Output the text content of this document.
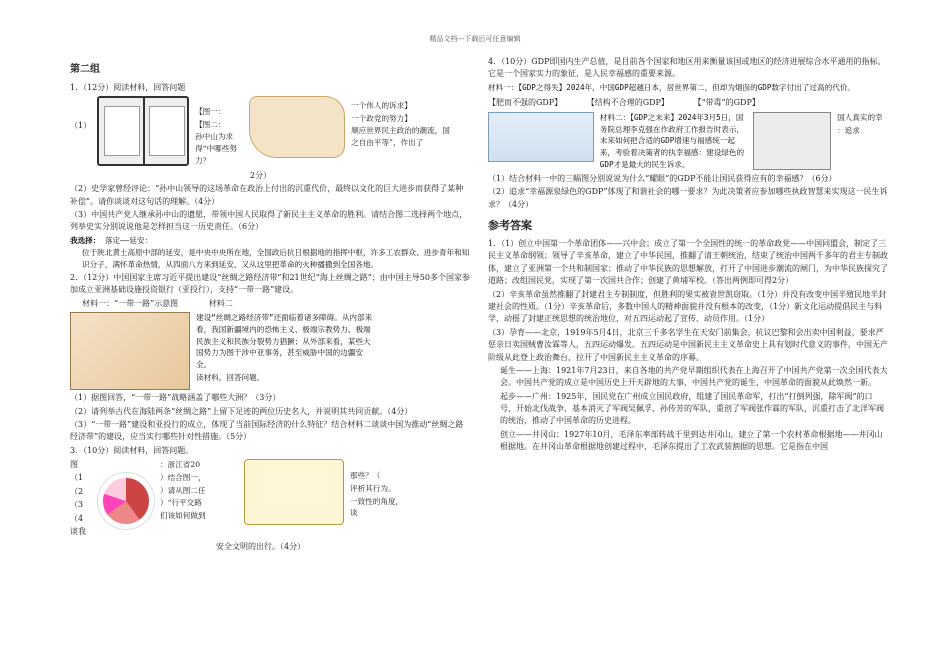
精品文档---下载后可任意编辑
第二组

1．（12分）阅读材料，回答问题

（1）

【图一：

【图二：

孙中山为求得“中哪些努力？

一个伟人的诉求】

一个政党的努力】

顺应世界民主政治的潮流，国之自由平等”，作出了

2分）

（2）史学家曾经评论：“孙中山领导的这场革命在政治上付出的沉重代价，最终以文化的巨大进步而获得了某种补偿”。请你谈谈对这句话的理解。（4分）

（3）中国共产党人继承孙中山的遗愿，带领中国人民取得了新民主主义革命的胜利。请结合图二选择两个地点，列举史实分别说说他是怎样担当这一历史责任。（6分）

我选择： 落定——延安：

位于陕北黄土高原中部的延安，是中央中央所在地，全国政后抗日根据地的指挥中枢，许多工农群众、进步青年和知识分子，满怀革命热情，从四面八方来到延安，又从这里把革命的火种播撒到全国各地。

2．（12分）中国国家主席习近平提出建设“丝绸之路经济带”和21世纪“海上丝绸之路”；由中国主导50多个国家参加成立亚洲基础设施投资银行（亚投行），支持“一带一路”建设。

材料一：“一带一路”示意图	材料二

建设“丝绸之路经济带”还面临着诸多障碍。从内部来看，我国新疆境内的恐怖主义、极端宗教势力、极端民族主义和民族分裂势力猖獗；从外部来看，某些大国势力为图干涉中亚事务，甚至威胁中国的边疆安全。

读材料，回答问题。

（1）据图回答，“一带一路”战略涵盖了哪些大洲？（3分）

（2）请列举古代在海陆两条“丝绸之路”上留下足迹的两位历史名人，并说明其共同贡献。（4分）

（3）“一带一路”建设和亚投行的成立，体现了当前国际经济的什么特征？结合材料二谈谈中国为推动“丝绸之路经济带”的建设，应当实行哪些针对性措施。（5分）

3．（10分）阅读材料，回答问题。

图

（1

（2

（3

（4

谈我

：浙江省20

）结合图一，

）请从图二任

）“行平交路

们该如何做到

那些？（

评析其行为。

一致性的角度，谈

安全文明的出行。（4分）

4．（10分）GDP即国内生产总值，是目前各个国家和地区用来衡量该国或地区的经济进展综合水平通用的指标。它是一个国家实力的象征，是人民幸福感的重要来源。

材料一：【GDP之得失】2024年，中国GDP超越日本，居世界第二，但却为烟囱的GDP数字付出了过高的代价。

【肥而不强的GDP】	【结构不合理的GDP】	【“带毒”的GDP】

材料二：【GDP之未来】2024年3月5日，国务院总理李克强在作政府工作报告时表示，未来如何把合适的GDP增速与福感统一起来，考验着决策者的执幸福感：建设绿色的GDP才是最大的民生诉求。

国人真实的幸

：追求

（1）结合材料一中的三幅图分别说说为什么“耀眼”的GDP不能让国民获得应有的幸福感？（6分）

（2）追求“幸福源泉绿色的GDP”体现了和谐社会的哪一要求？为此决策者应参加哪些执政智慧来实现这一民生诉求？（4分）

参考答案

1．（1）创立中国第一个革命团体——兴中会；成立了第一个全国性的统一的革命政党——中国同盟会，制定了三民主义革命纲领；领导了辛亥革命，建立了中华民国，推翻了清王朝统治，结束了统治中国两千多年的君主专制政体，建立了亚洲第一个共和制国家；推动了中华民族的思想解放，打开了中国进步潮流的闸门，为中华民族探究了道路；改组国民党，实现了第一次国共合作；创建了黄埔军校。（答出两例即可得2分）

（2）辛亥革命虽然推翻了封建君主专制制度，但胜利的果实被袁世凯窃取。（1分）并没有改变中国半殖民地半封建社会的性质。（1分）辛亥革命后，多数中国人的精神面貌并没有根本的改变，（1分）新文化运动提倡民主与科学，动摇了封建正统思想的统治地位，对五四运动起了宣传、动员作用。（1分）

（3）孕育——北京，1919年5月4日，北京三千多名学生在天安门前集会，抗议巴黎和会出卖中国利益，要求严惩亲日卖国贼曹汝霖等人，五四运动爆发。五四运动是中国新民主主义革命史上具有划时代意义的事件，中国无产阶级从此登上政治舞台，拉开了中国新民主主义革命的序幕。

诞生——上海：1921年7月23日，来自各地的共产党早期组织代表在上海召开了中国共产党第一次全国代表大会。中国共产党的成立是中国历史上开天辟地的大事，中国共产党的诞生，中国革命的面貌从此焕然一新。

起步——广州：1925年，国民党在广州成立国民政府，组建了国民革命军，打出“打倒列强，除军阀”的口号，开始北伐战争，基本消灭了军阀吴佩孚，孙传芳的军队，重创了军阀张作霖的军队，沉重打击了北洋军阀的统治，推动了中国革命的历史进程。

创立——井冈山：1927年10月，毛泽东率部转战千里到达井冈山，建立了第一个农村革命根据地——井冈山根据地。在井冈山革命根据地创建过程中，毛泽东提出了工农武装割据的思想。它是指在中国
